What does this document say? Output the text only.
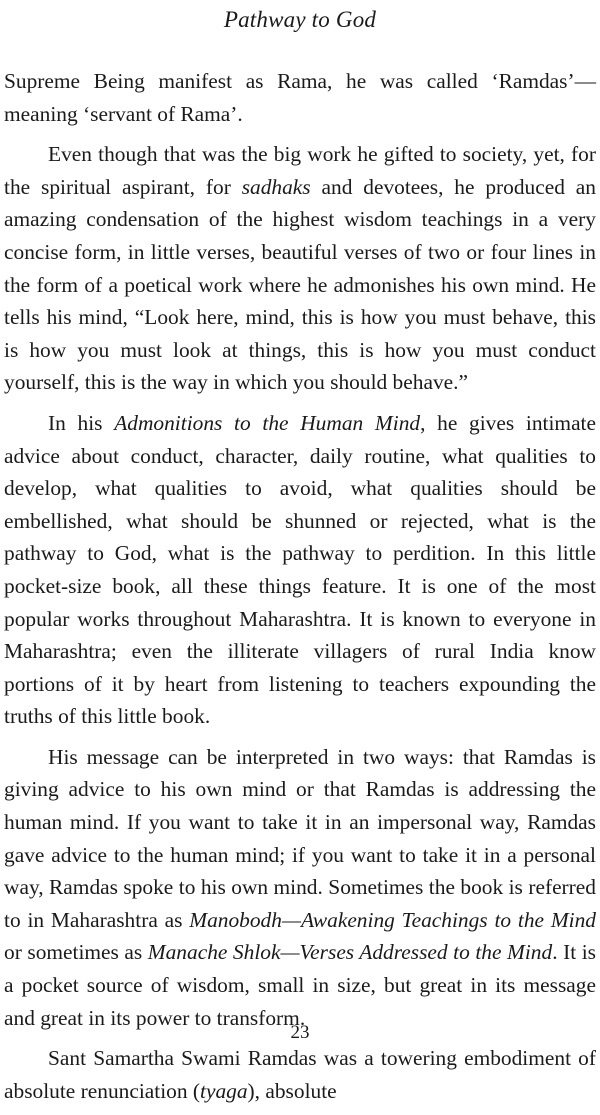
Pathway to God

Supreme Being manifest as Rama, he was called ‘Ramdas’—meaning ‘servant of Rama’.

Even though that was the big work he gifted to society, yet, for the spiritual aspirant, for sadhaks and devotees, he produced an amazing condensation of the highest wisdom teachings in a very concise form, in little verses, beautiful verses of two or four lines in the form of a poetical work where he admonishes his own mind. He tells his mind, “Look here, mind, this is how you must behave, this is how you must look at things, this is how you must conduct yourself, this is the way in which you should behave.”

In his Admonitions to the Human Mind, he gives intimate advice about conduct, character, daily routine, what qualities to develop, what qualities to avoid, what qualities should be embellished, what should be shunned or rejected, what is the pathway to God, what is the pathway to perdition. In this little pocket-size book, all these things feature. It is one of the most popular works throughout Maharashtra. It is known to everyone in Maharashtra; even the illiterate villagers of rural India know portions of it by heart from listening to teachers expounding the truths of this little book.

His message can be interpreted in two ways: that Ramdas is giving advice to his own mind or that Ramdas is addressing the human mind. If you want to take it in an impersonal way, Ramdas gave advice to the human mind; if you want to take it in a personal way, Ramdas spoke to his own mind. Sometimes the book is referred to in Maharashtra as Manobodh—Awakening Teachings to the Mind or sometimes as Manache Shlok—Verses Addressed to the Mind. It is a pocket source of wisdom, small in size, but great in its message and great in its power to transform.

Sant Samartha Swami Ramdas was a towering embodiment of absolute renunciation (tyaga), absolute

23
